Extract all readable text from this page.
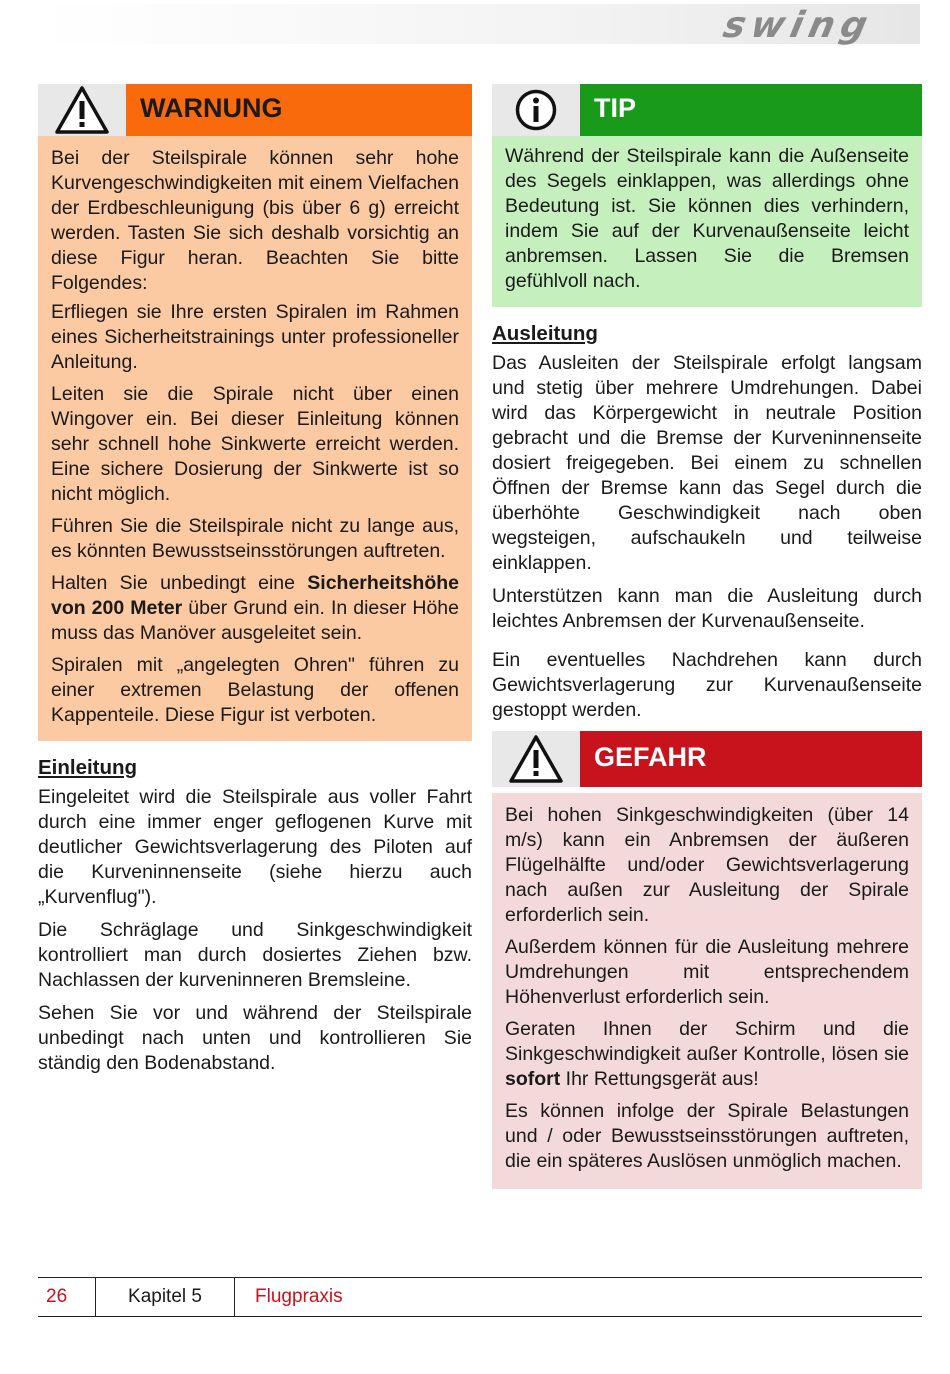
swing
WARNUNG

Bei der Steilspirale können sehr hohe Kurvengeschwindigkeiten mit einem Vielfachen der Erdbeschleunigung (bis über 6 g) erreicht werden. Tasten Sie sich deshalb vorsichtig an diese Figur heran. Beachten Sie bitte Folgendes:

Erfliegen sie Ihre ersten Spiralen im Rahmen eines Sicherheitstrainings unter professioneller Anleitung.

Leiten sie die Spirale nicht über einen Wingover ein. Bei dieser Einleitung können sehr schnell hohe Sinkwerte erreicht werden. Eine sichere Dosierung der Sinkwerte ist so nicht möglich.

Führen Sie die Steilspirale nicht zu lange aus, es könnten Bewusstseinsstörungen auftreten.

Halten Sie unbedingt eine Sicherheitshöhe von 200 Meter über Grund ein. In dieser Höhe muss das Manöver ausgeleitet sein.

Spiralen mit „angelegten Ohren" führen zu einer extremen Belastung der offenen Kappenteile. Diese Figur ist verboten.

Einleitung

Eingeleitet wird die Steilspirale aus voller Fahrt durch eine immer enger geflogenen Kurve mit deutlicher Gewichtsverlagerung des Piloten auf die Kurveninnenseite (siehe hierzu auch „Kurvenflug").

Die Schräglage und Sinkgeschwindigkeit kontrolliert man durch dosiertes Ziehen bzw. Nachlassen der kurveninneren Bremsleine.

Sehen Sie vor und während der Steilspirale unbedingt nach unten und kontrollieren Sie ständig den Bodenabstand.

TIP

Während der Steilspirale kann die Außenseite des Segels einklappen, was allerdings ohne Bedeutung ist. Sie können dies verhindern, indem Sie auf der Kurvenaußenseite leicht anbremsen. Lassen Sie die Bremsen gefühlvoll nach.

Ausleitung

Das Ausleiten der Steilspirale erfolgt langsam und stetig über mehrere Umdrehungen. Dabei wird das Körpergewicht in neutrale Position gebracht und die Bremse der Kurveninnenseite dosiert freigegeben. Bei einem zu schnellen Öffnen der Bremse kann das Segel durch die überhöhte Geschwindigkeit nach oben wegsteigen, aufschaukeln und teilweise einklappen.

Unterstützen kann man die Ausleitung durch leichtes Anbremsen der Kurvenaußenseite.

Ein eventuelles Nachdrehen kann durch Gewichtsverlagerung zur Kurvenaußenseite gestoppt werden.

GEFAHR

Bei hohen Sinkgeschwindigkeiten (über 14 m/s) kann ein Anbremsen der äußeren Flügelhälfte und/oder Gewichtsverlagerung nach außen zur Ausleitung der Spirale erforderlich sein.

Außerdem können für die Ausleitung mehrere Umdrehungen mit entsprechendem Höhenverlust erforderlich sein.

Geraten Ihnen der Schirm und die Sinkgeschwindigkeit außer Kontrolle, lösen sie sofort Ihr Rettungsgerät aus!

Es können infolge der Spirale Belastungen und / oder Bewusstseinsstörungen auftreten, die ein späteres Auslösen unmöglich machen.

26	Kapitel 5	Flugpraxis
